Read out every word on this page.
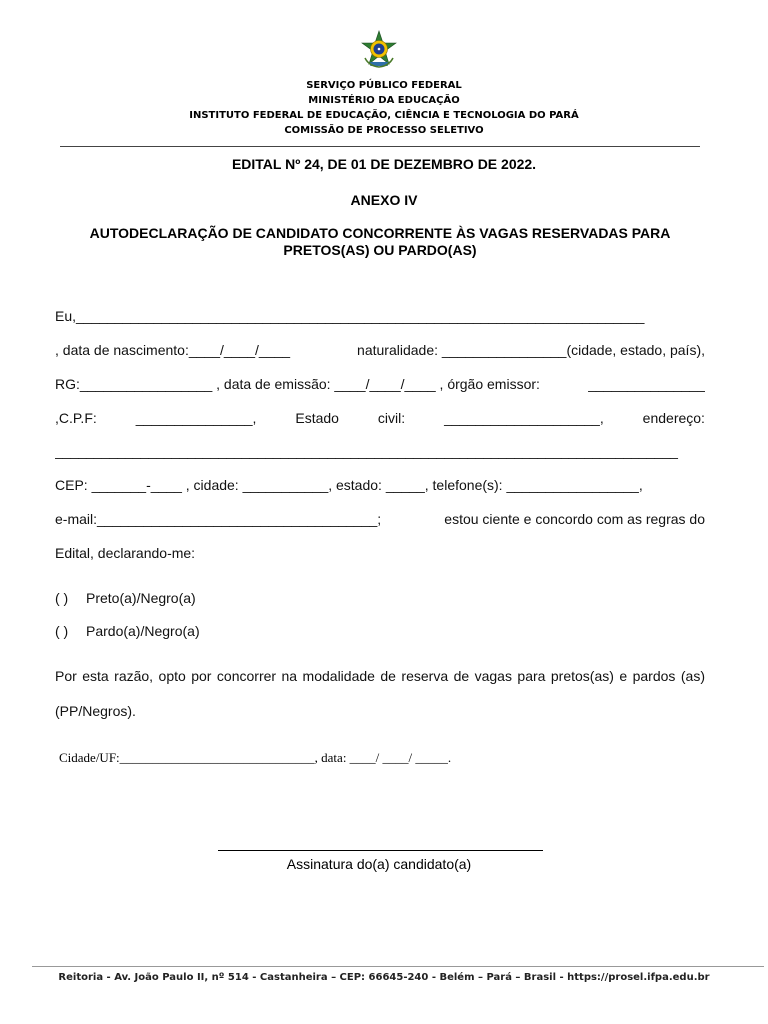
SERVIÇO PÚBLICO FEDERAL
MINISTÉRIO DA EDUCAÇÃO
INSTITUTO FEDERAL DE EDUCAÇÃO, CIÊNCIA E TECNOLOGIA DO PARÁ
COMISSÃO DE PROCESSO SELETIVO
EDITAL Nº 24, DE 01 DE DEZEMBRO DE 2022.
ANEXO IV
AUTODECLARAÇÃO DE CANDIDATO CONCORRENTE ÀS VAGAS RESERVADAS PARA PRETOS(AS) OU PARDO(AS)
Eu,_________________________________________________________________________
, data de nascimento:____/____/____	naturalidade: ________________(cidade, estado, país),
RG:_________________ , data de emissão: ____/____/____ , órgão emissor:	_______________
,C.P.F:	_______________,	Estado	civil:	____________________,	endereço:
________________________________________________________________________________
CEP: _______-____ , cidade: ___________, estado: _____, telefone(s): _________________,
e-mail:____________________________________;	estou ciente e concordo com as regras do
Edital, declarando-me:
( ) Preto(a)/Negro(a)
( ) Pardo(a)/Negro(a)
Por esta razão, opto por concorrer na modalidade de reserva de vagas para pretos(as) e pardos (as) (PP/Negros).
Cidade/UF:______________________________, data: ____/ ____/ _____.
Assinatura do(a) candidato(a)
Reitoria - Av. João Paulo II, nº 514 - Castanheira – CEP: 66645-240 - Belém – Pará – Brasil - https://prosel.ifpa.edu.br
